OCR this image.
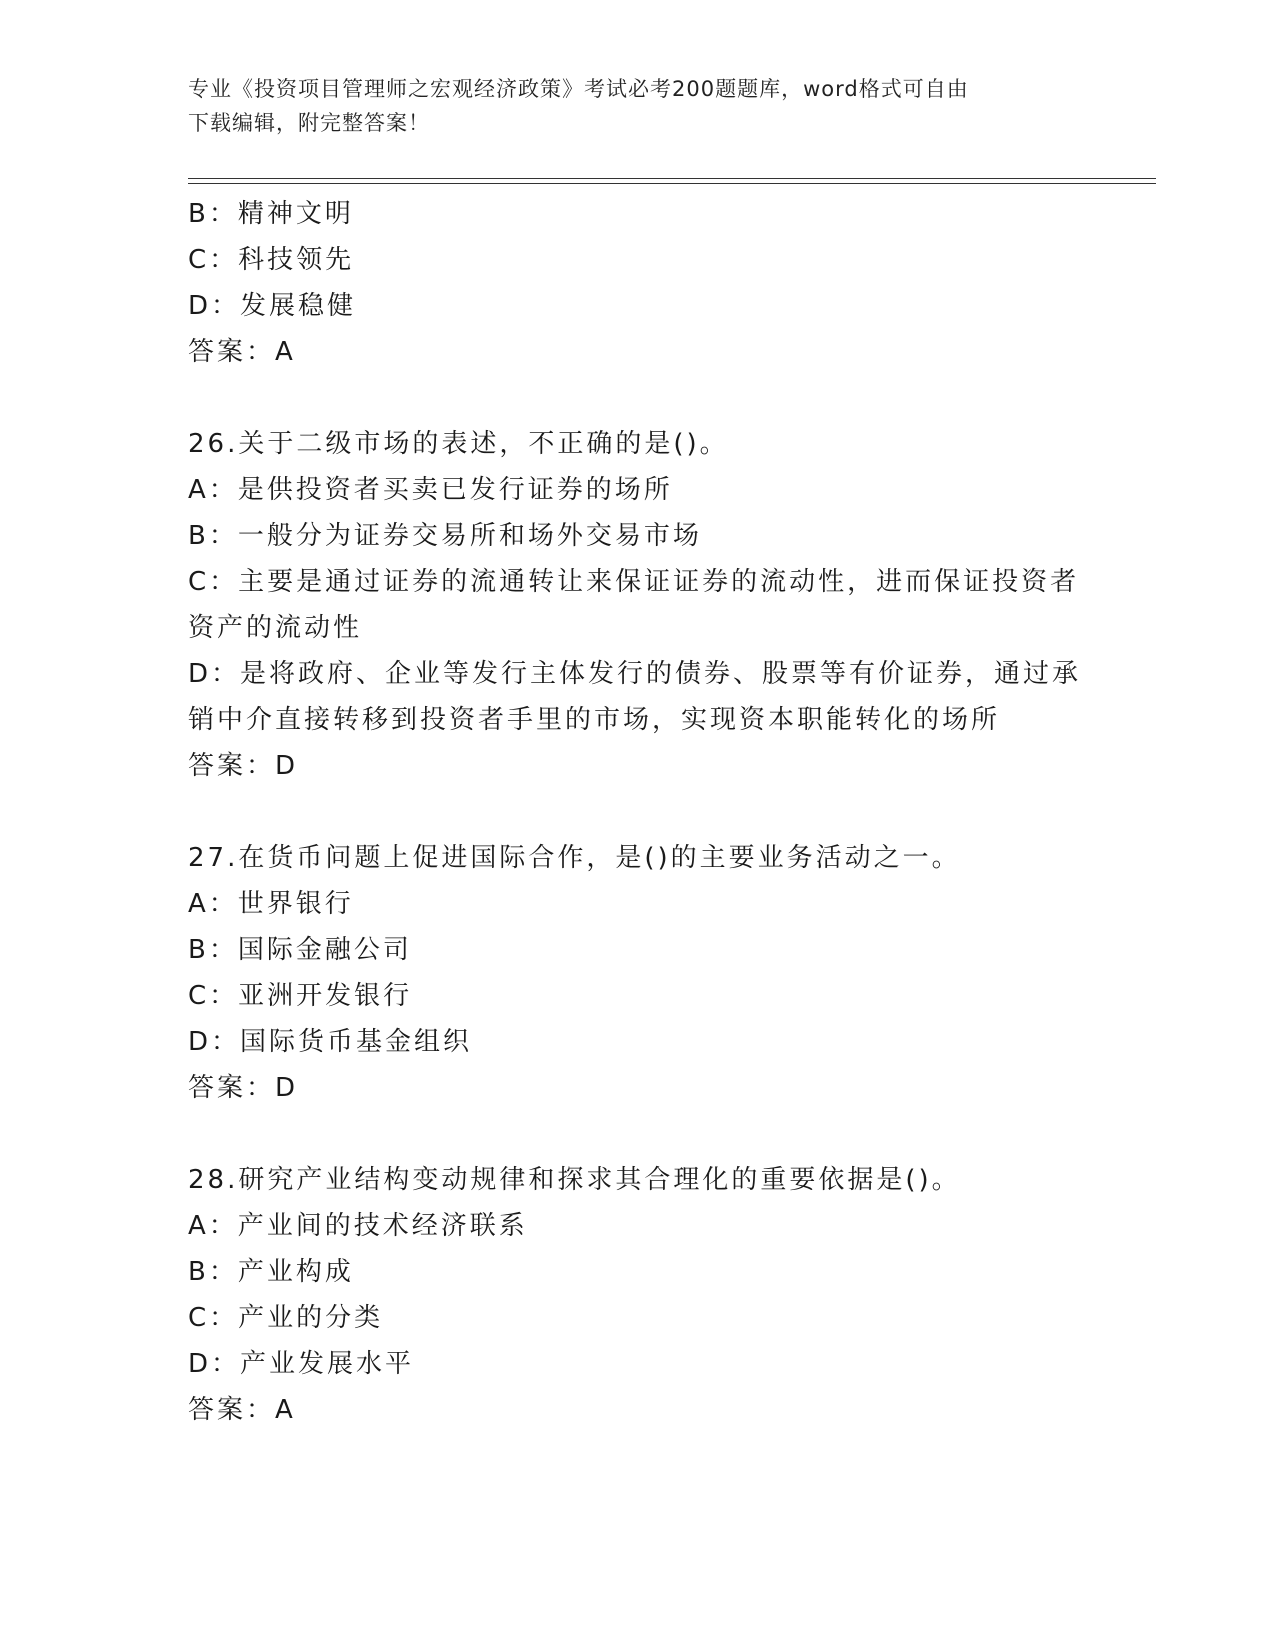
专业《投资项目管理师之宏观经济政策》考试必考200题题库，word格式可自由
下载编辑，附完整答案！
B：精神文明
C：科技领先
D：发展稳健
答案：A
26.关于二级市场的表述，不正确的是()。
A：是供投资者买卖已发行证券的场所
B：一般分为证券交易所和场外交易市场
C：主要是通过证券的流通转让来保证证券的流动性，进而保证投资者
资产的流动性
D：是将政府、企业等发行主体发行的债券、股票等有价证券，通过承
销中介直接转移到投资者手里的市场，实现资本职能转化的场所
答案：D
27.在货币问题上促进国际合作，是()的主要业务活动之一。
A：世界银行
B：国际金融公司
C：亚洲开发银行
D：国际货币基金组织
答案：D
28.研究产业结构变动规律和探求其合理化的重要依据是()。
A：产业间的技术经济联系
B：产业构成
C：产业的分类
D：产业发展水平
答案：A
